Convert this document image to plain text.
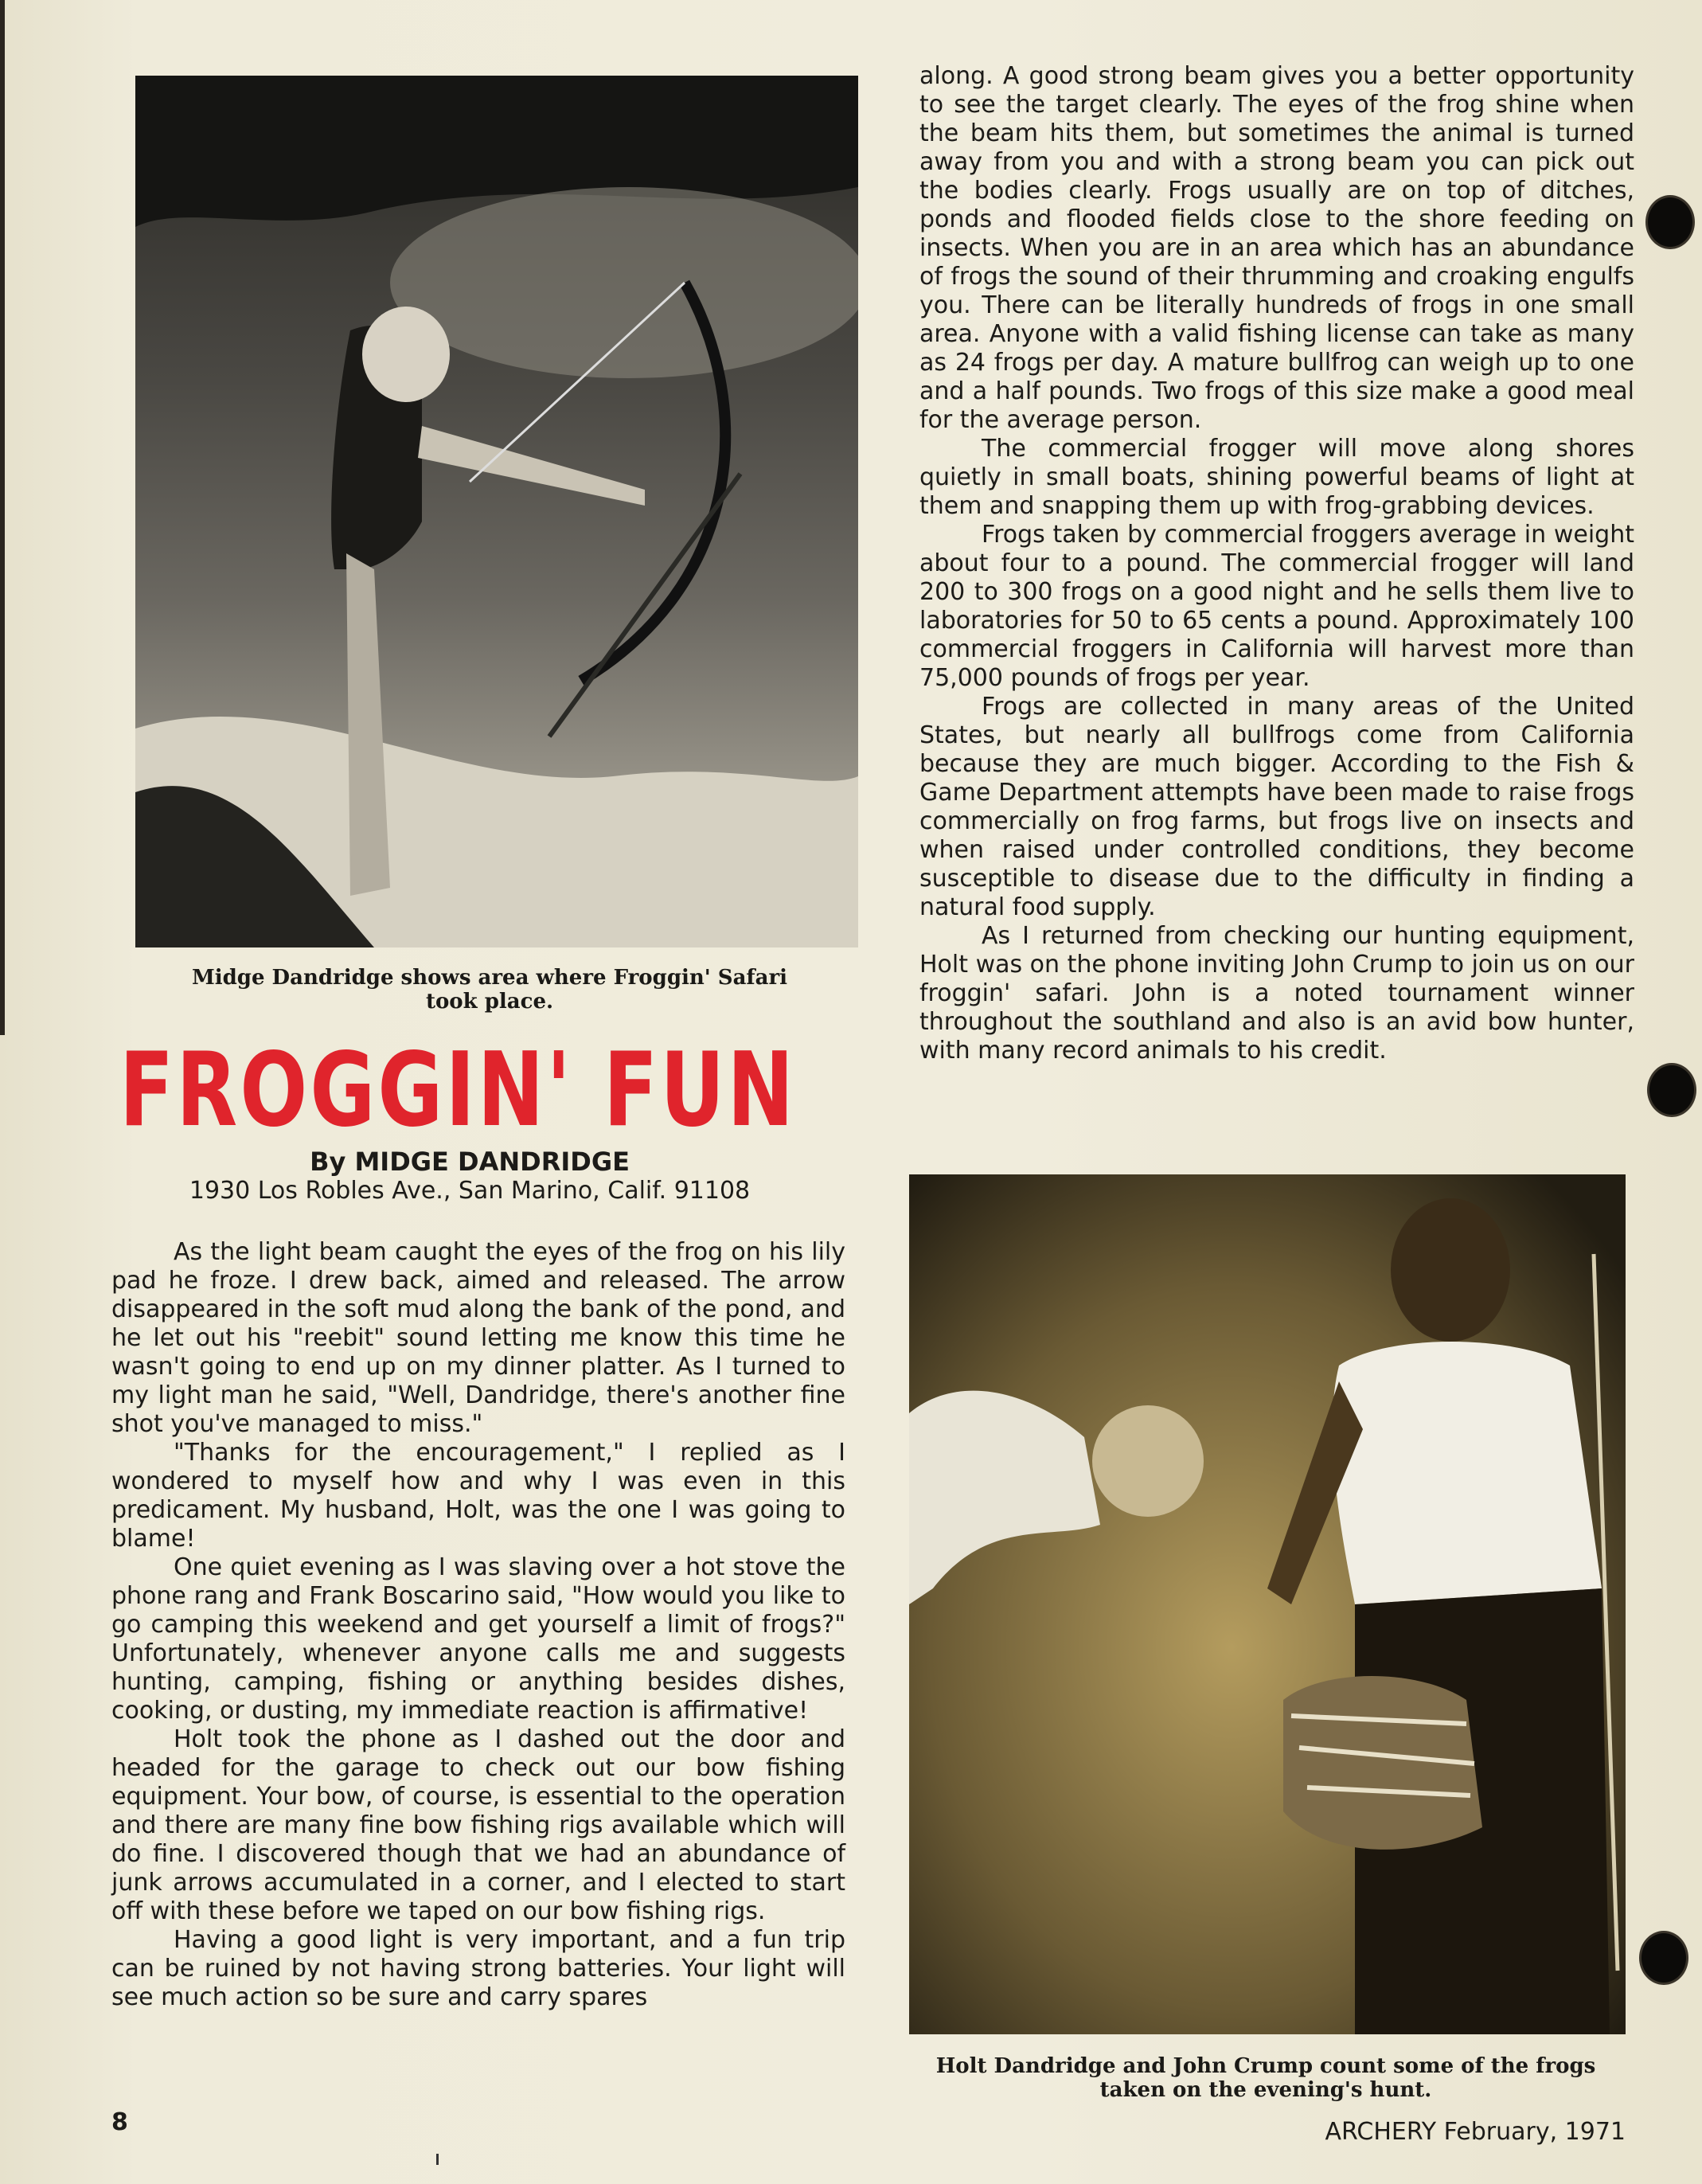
Midge Dandridge shows area where Froggin' Safari took place.
FROGGIN' FUN
By MIDGE DANDRIDGE
1930 Los Robles Ave., San Marino, Calif. 91108

As the light beam caught the eyes of the frog on his lily pad he froze. I drew back, aimed and released. The arrow disappeared in the soft mud along the bank of the pond, and he let out his "reebit" sound letting me know this time he wasn't going to end up on my dinner platter. As I turned to my light man he said, "Well, Dandridge, there's another fine shot you've managed to miss."

"Thanks for the encouragement," I replied as I wondered to myself how and why I was even in this predicament. My husband, Holt, was the one I was going to blame!

One quiet evening as I was slaving over a hot stove the phone rang and Frank Boscarino said, "How would you like to go camping this weekend and get yourself a limit of frogs?" Unfortunately, whenever anyone calls me and suggests hunting, camping, fishing or anything besides dishes, cooking, or dusting, my immediate reaction is affirmative!

Holt took the phone as I dashed out the door and headed for the garage to check out our bow fishing equipment. Your bow, of course, is essential to the operation and there are many fine bow fishing rigs available which will do fine. I discovered though that we had an abundance of junk arrows accumulated in a corner, and I elected to start off with these before we taped on our bow fishing rigs.

Having a good light is very important, and a fun trip can be ruined by not having strong batteries. Your light will see much action so be sure and carry spares

along. A good strong beam gives you a better opportunity to see the target clearly. The eyes of the frog shine when the beam hits them, but sometimes the animal is turned away from you and with a strong beam you can pick out the bodies clearly. Frogs usually are on top of ditches, ponds and flooded fields close to the shore feeding on insects. When you are in an area which has an abundance of frogs the sound of their thrumming and croaking engulfs you. There can be literally hundreds of frogs in one small area. Anyone with a valid fishing license can take as many as 24 frogs per day. A mature bullfrog can weigh up to one and a half pounds. Two frogs of this size make a good meal for the average person.

The commercial frogger will move along shores quietly in small boats, shining powerful beams of light at them and snapping them up with frog-grabbing devices.

Frogs taken by commercial froggers average in weight about four to a pound. The commercial frogger will land 200 to 300 frogs on a good night and he sells them live to laboratories for 50 to 65 cents a pound. Approximately 100 commercial froggers in California will harvest more than 75,000 pounds of frogs per year.

Frogs are collected in many areas of the United States, but nearly all bullfrogs come from California because they are much bigger. According to the Fish & Game Department attempts have been made to raise frogs commercially on frog farms, but frogs live on insects and when raised under controlled conditions, they become susceptible to disease due to the difficulty in finding a natural food supply.

As I returned from checking our hunting equipment, Holt was on the phone inviting John Crump to join us on our froggin' safari. John is a noted tournament winner throughout the southland and also is an avid bow hunter, with many record animals to his credit.

Holt Dandridge and John Crump count some of the frogs taken on the evening's hunt.
8	ARCHERY February, 1971
